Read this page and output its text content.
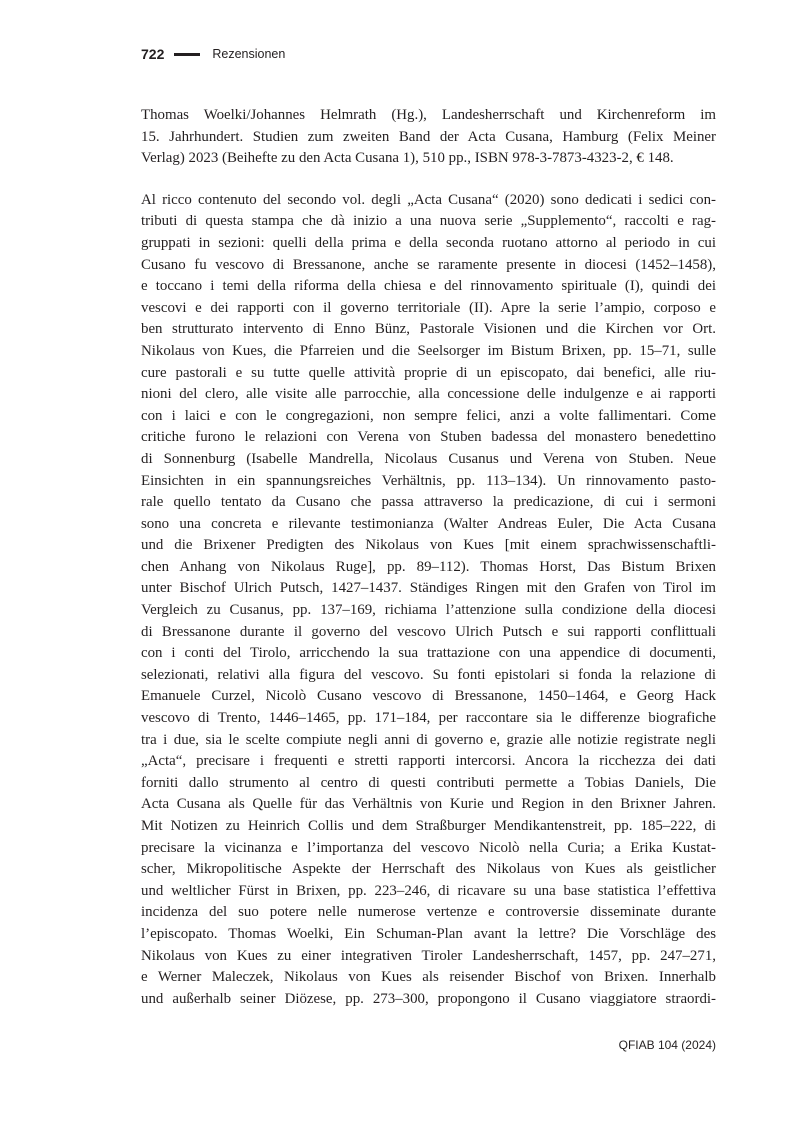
722	Rezensionen
Thomas Woelki/Johannes Helmrath (Hg.), Landesherrschaft und Kirchenreform im
15. Jahrhundert. Studien zum zweiten Band der Acta Cusana, Hamburg (Felix Meiner
Verlag) 2023 (Beihefte zu den Acta Cusana 1), 510 pp., ISBN 978-3-7873-4323-2, € 148.
Al ricco contenuto del secondo vol. degli „Acta Cusana“ (2020) sono dedicati i sedici con-
tributi di questa stampa che dà inizio a una nuova serie „Supplemento“, raccolti e rag-
gruppati in sezioni: quelli della prima e della seconda ruotano attorno al periodo in cui
Cusano fu vescovo di Bressanone, anche se raramente presente in diocesi (1452–1458),
e toccano i temi della riforma della chiesa e del rinnovamento spirituale (I), quindi dei
vescovi e dei rapporti con il governo territoriale (II). Apre la serie l’ampio, corposo e
ben strutturato intervento di Enno Bünz, Pastorale Visionen und die Kirchen vor Ort.
Nikolaus von Kues, die Pfarreien und die Seelsorger im Bistum Brixen, pp. 15–71, sulle
cure pastorali e su tutte quelle attività proprie di un episcopato, dai benefici, alle riu-
nioni del clero, alle visite alle parrocchie, alla concessione delle indulgenze e ai rapporti
con i laici e con le congregazioni, non sempre felici, anzi a volte fallimentari. Come
critiche furono le relazioni con Verena von Stuben badessa del monastero benedettino
di Sonnenburg (Isabelle Mandrella, Nicolaus Cusanus und Verena von Stuben. Neue
Einsichten in ein spannungsreiches Verhältnis, pp. 113–134). Un rinnovamento pasto-
rale quello tentato da Cusano che passa attraverso la predicazione, di cui i sermoni
sono una concreta e rilevante testimonianza (Walter Andreas Euler, Die Acta Cusana
und die Brixener Predigten des Nikolaus von Kues [mit einem sprachwissenschaftli-
chen Anhang von Nikolaus Ruge], pp. 89–112). Thomas Horst, Das Bistum Brixen
unter Bischof Ulrich Putsch, 1427–1437. Ständiges Ringen mit den Grafen von Tirol im
Vergleich zu Cusanus, pp. 137–169, richiama l’attenzione sulla condizione della diocesi
di Bressanone durante il governo del vescovo Ulrich Putsch e sui rapporti conflittuali
con i conti del Tirolo, arricchendo la sua trattazione con una appendice di documenti,
selezionati, relativi alla figura del vescovo. Su fonti epistolari si fonda la relazione di
Emanuele Curzel, Nicolò Cusano vescovo di Bressanone, 1450–1464, e Georg Hack
vescovo di Trento, 1446–1465, pp. 171–184, per raccontare sia le differenze biografiche
tra i due, sia le scelte compiute negli anni di governo e, grazie alle notizie registrate negli
„Acta“, precisare i frequenti e stretti rapporti intercorsi. Ancora la ricchezza dei dati
forniti dallo strumento al centro di questi contributi permette a Tobias Daniels, Die
Acta Cusana als Quelle für das Verhältnis von Kurie und Region in den Brixner Jahren.
Mit Notizen zu Heinrich Collis und dem Straßburger Mendikantenstreit, pp. 185–222, di
precisare la vicinanza e l’importanza del vescovo Nicolò nella Curia; a Erika Kustat-
scher, Mikropolitische Aspekte der Herrschaft des Nikolaus von Kues als geistlicher
und weltlicher Fürst in Brixen, pp. 223–246, di ricavare su una base statistica l’effettiva
incidenza del suo potere nelle numerose vertenze e controversie disseminate durante
l’episcopato. Thomas Woelki, Ein Schuman-Plan avant la lettre? Die Vorschläge des
Nikolaus von Kues zu einer integrativen Tiroler Landesherrschaft, 1457, pp. 247–271,
e Werner Maleczek, Nikolaus von Kues als reisender Bischof von Brixen. Innerhalb
und außerhalb seiner Diözese, pp. 273–300, propongono il Cusano viaggiatore straordi-
QFIAB 104 (2024)
